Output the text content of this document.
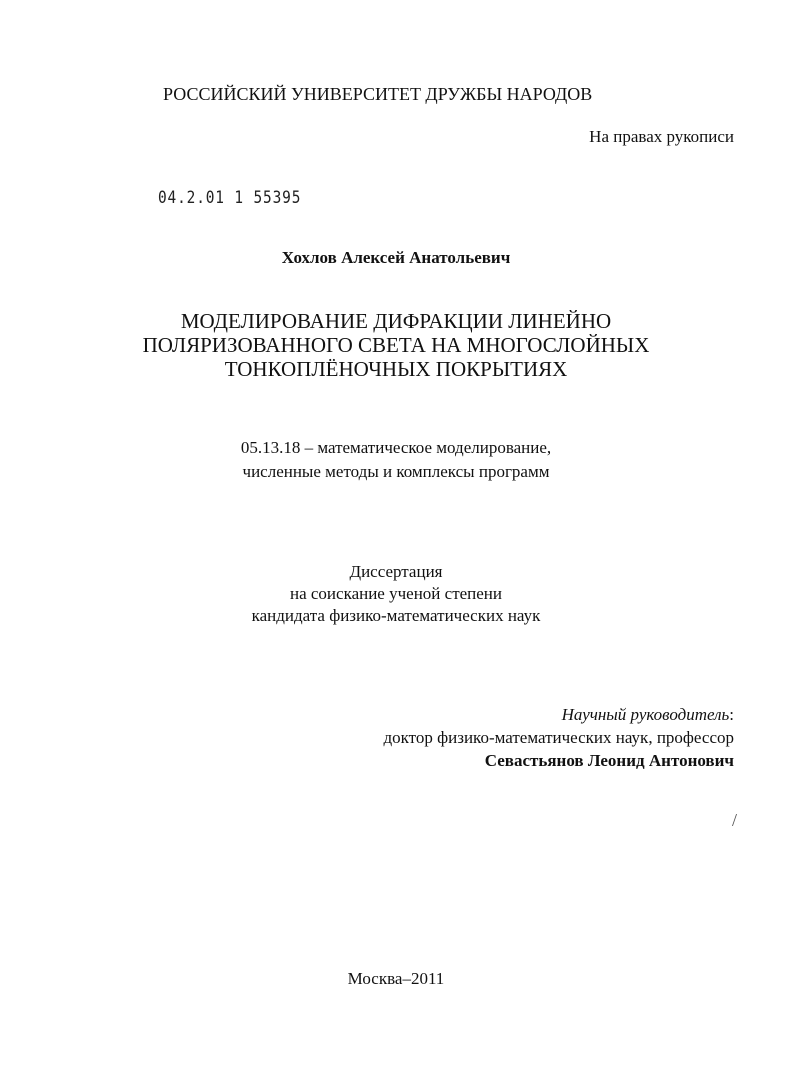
РОССИЙСКИЙ УНИВЕРСИТЕТ ДРУЖБЫ НАРОДОВ
На правах рукописи
04.2.01 1 55395
Хохлов Алексей Анатольевич
МОДЕЛИРОВАНИЕ ДИФРАКЦИИ ЛИНЕЙНО
ПОЛЯРИЗОВАННОГО СВЕТА НА МНОГОСЛОЙНЫХ
ТОНКОПЛЁНОЧНЫХ ПОКРЫТИЯХ
05.13.18 – математическое моделирование,
численные методы и комплексы программ
Диссертация
на соискание ученой степени
кандидата физико-математических наук
Научный руководитель:
доктор физико-математических наук, профессор
Севастьянов Леонид Антонович
/
Москва–2011
